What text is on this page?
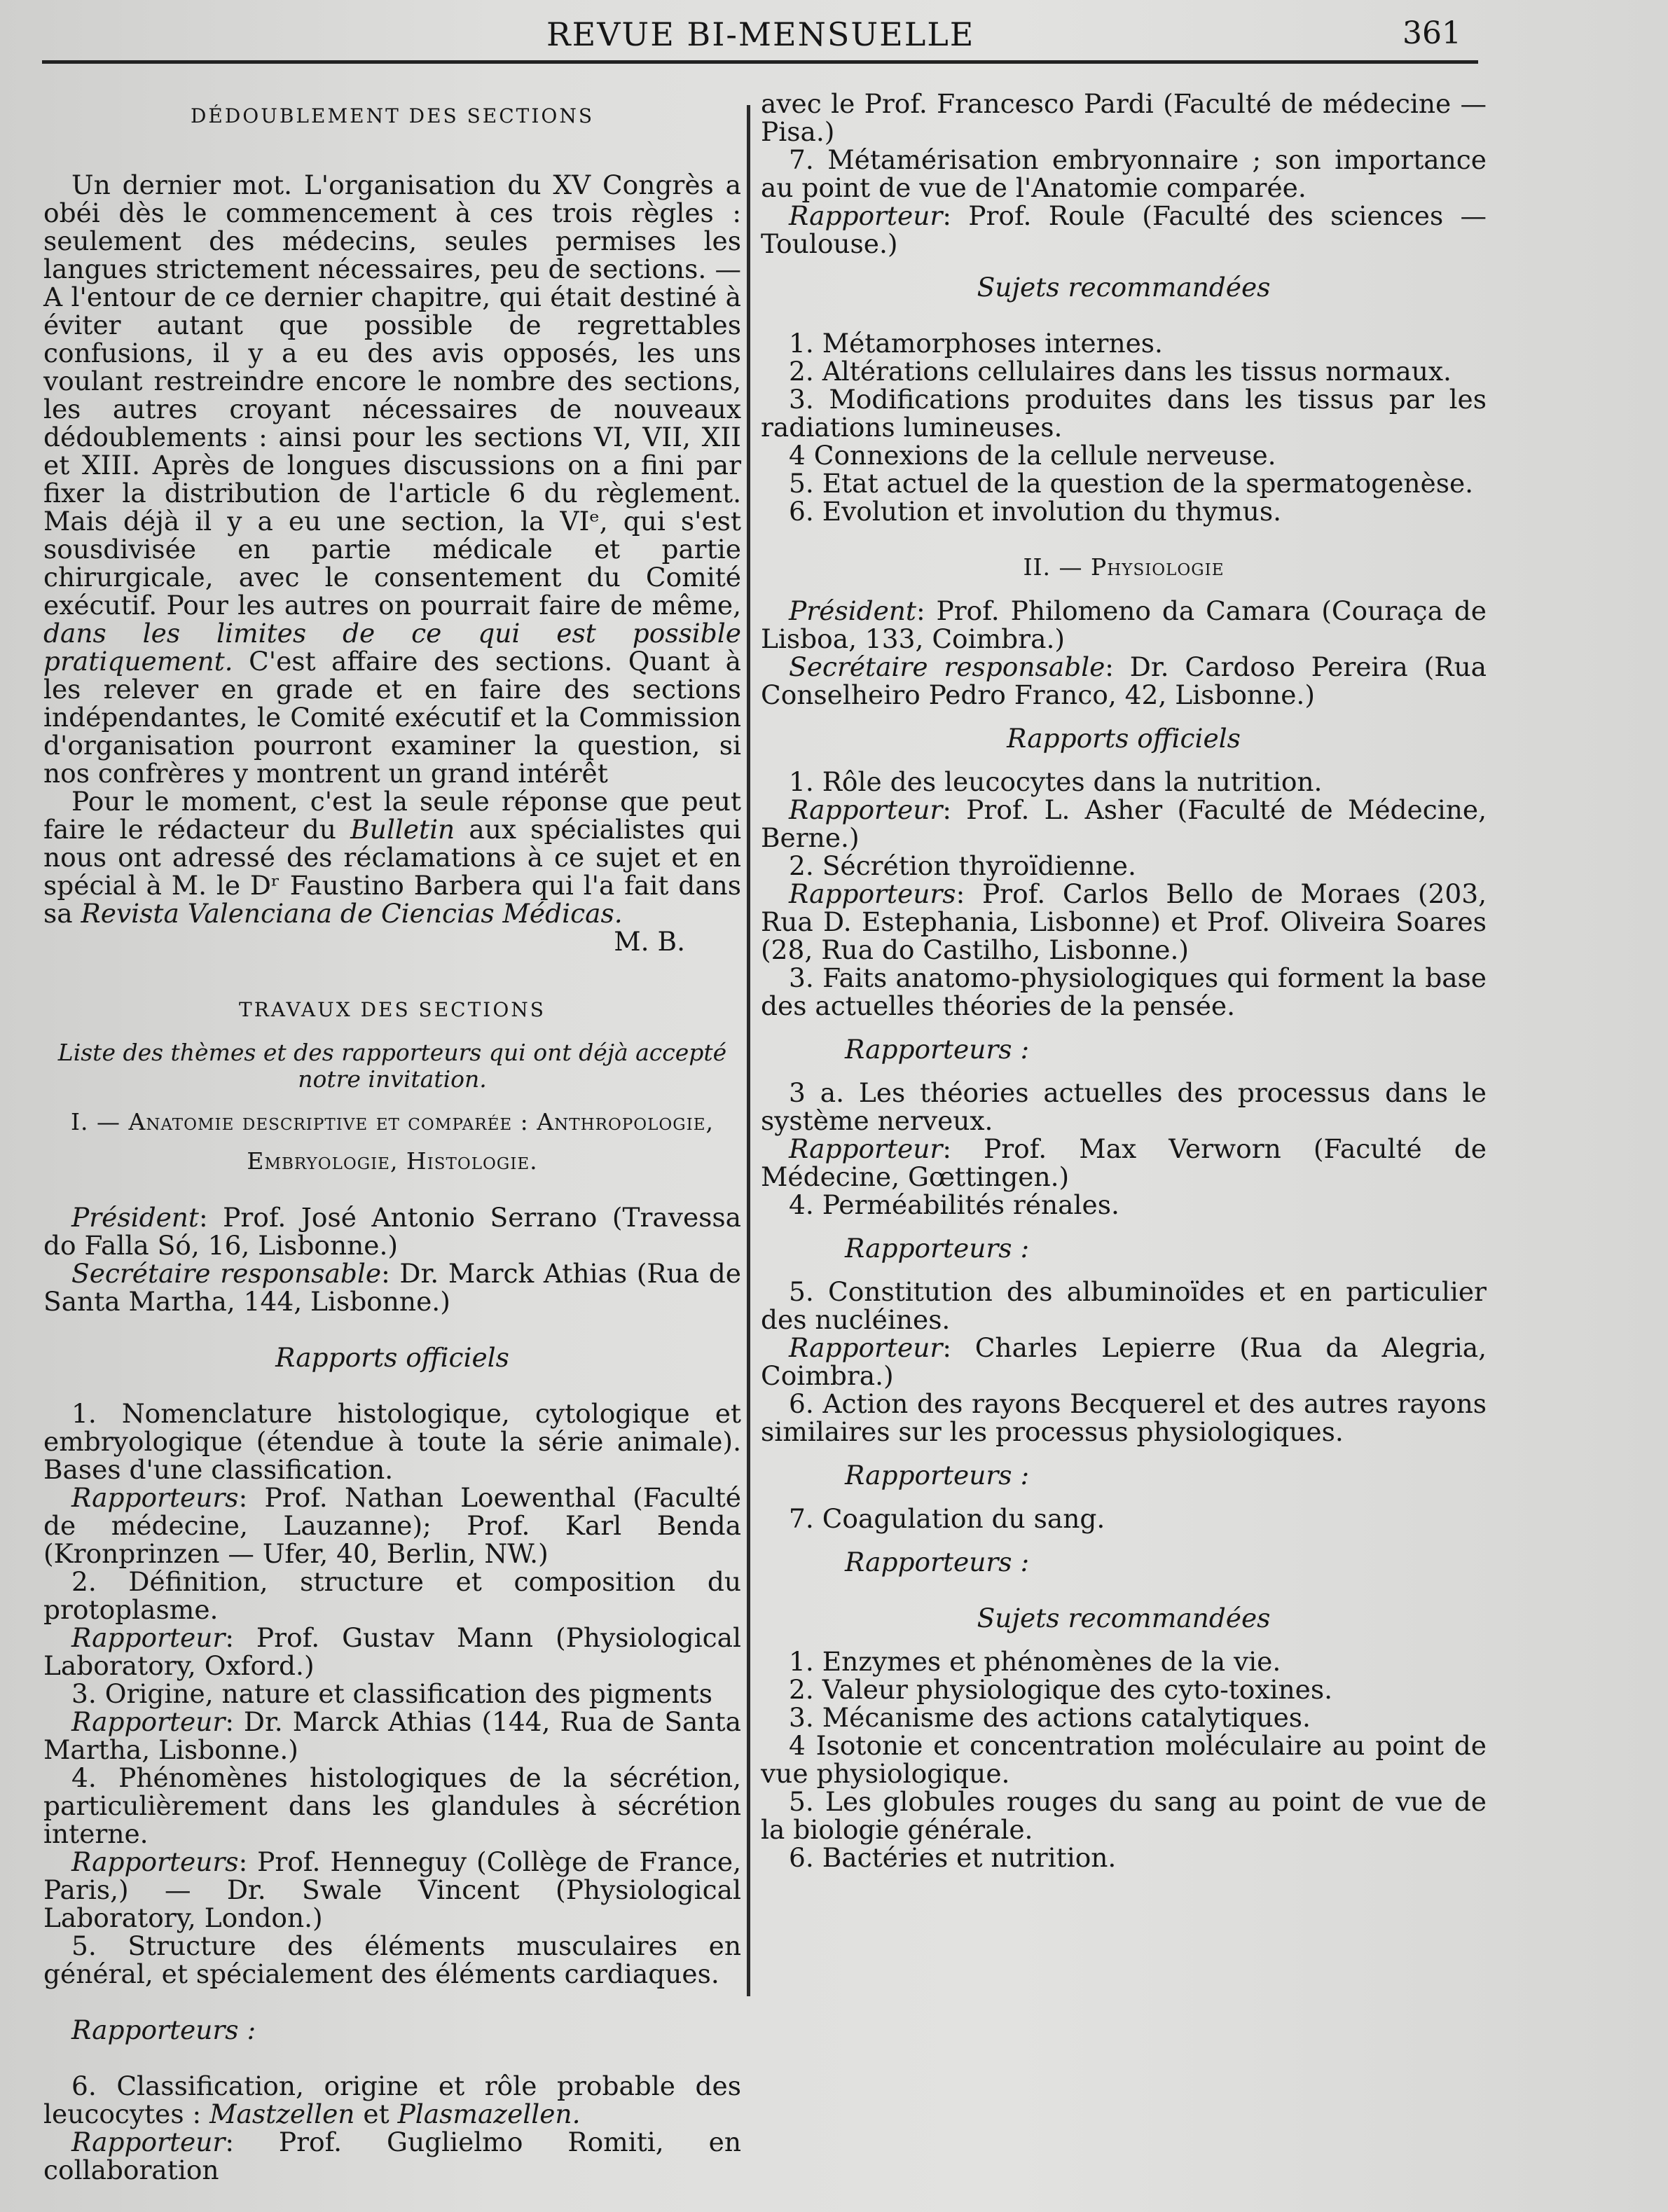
REVUE BI-MENSUELLE	361

DÉDOUBLEMENT DES SECTIONS

Un dernier mot. L'organisation du XV Congrès a obéi dès le commencement à ces trois règles : seulement des médecins, seules permises les langues strictement nécessaires, peu de sections. — A l'entour de ce dernier chapitre, qui était destiné à éviter autant que possible de regrettables confusions, il y a eu des avis opposés, les uns voulant restreindre encore le nombre des sections, les autres croyant nécessaires de nouveaux dédoublements : ainsi pour les sections VI, VII, XII et XIII. Après de longues discussions on a fini par fixer la distribution de l'article 6 du règlement. Mais déjà il y a eu une section, la VIᵉ, qui s'est sousdivisée en partie médicale et partie chirurgicale, avec le consentement du Comité exécutif. Pour les autres on pourrait faire de même, dans les limites de ce qui est possible pratiquement. C'est affaire des sections. Quant à les relever en grade et en faire des sections indépendantes, le Comité exécutif et la Commission d'organisation pourront examiner la question, si nos confrères y montrent un grand intérêt

Pour le moment, c'est la seule réponse que peut faire le rédacteur du Bulletin aux spécialistes qui nous ont adressé des réclamations à ce sujet et en spécial à M. le Dʳ Faustino Barbera qui l'a fait dans sa Revista Valenciana de Ciencias Médicas.

M. B.

TRAVAUX DES SECTIONS

Liste des thèmes et des rapporteurs qui ont déjà accepté notre invitation.

I. — Anatomie descriptive et comparée : Anthropologie,

Embryologie, Histologie.

Président: Prof. José Antonio Serrano (Travessa do Falla Só, 16, Lisbonne.)

Secrétaire responsable: Dr. Marck Athias (Rua de Santa Martha, 144, Lisbonne.)

Rapports officiels

1. Nomenclature histologique, cytologique et embryologique (étendue à toute la série animale). Bases d'une classification.

Rapporteurs: Prof. Nathan Loewenthal (Faculté de médecine, Lauzanne); Prof. Karl Benda (Kronprinzen — Ufer, 40, Berlin, NW.)

2. Définition, structure et composition du protoplasme.

Rapporteur: Prof. Gustav Mann (Physiological Laboratory, Oxford.)

3. Origine, nature et classification des pigments

Rapporteur: Dr. Marck Athias (144, Rua de Santa Martha, Lisbonne.)

4. Phénomènes histologiques de la sécrétion, particulièrement dans les glandules à sécrétion interne.

Rapporteurs: Prof. Henneguy (Collège de France, Paris,) — Dr. Swale Vincent (Physiological Laboratory, London.)

5. Structure des éléments musculaires en général, et spécialement des éléments cardiaques.

Rapporteurs :

6. Classification, origine et rôle probable des leucocytes : Mastzellen et Plasmazellen.

Rapporteur: Prof. Guglielmo Romiti, en collaboration

avec le Prof. Francesco Pardi (Faculté de médecine — Pisa.)

7. Métamérisation embryonnaire ; son importance au point de vue de l'Anatomie comparée.

Rapporteur: Prof. Roule (Faculté des sciences — Toulouse.)

Sujets recommandées

1. Métamorphoses internes.

2. Altérations cellulaires dans les tissus normaux.

3. Modifications produites dans les tissus par les radiations lumineuses.

4 Connexions de la cellule nerveuse.

5. Etat actuel de la question de la spermatogenèse.

6. Evolution et involution du thymus.

II. — Physiologie

Président: Prof. Philomeno da Camara (Couraça de Lisboa, 133, Coimbra.)

Secrétaire responsable: Dr. Cardoso Pereira (Rua Conselheiro Pedro Franco, 42, Lisbonne.)

Rapports officiels

1. Rôle des leucocytes dans la nutrition.

Rapporteur: Prof. L. Asher (Faculté de Médecine, Berne.)

2. Sécrétion thyroïdienne.

Rapporteurs: Prof. Carlos Bello de Moraes (203, Rua D. Estephania, Lisbonne) et Prof. Oliveira Soares (28, Rua do Castilho, Lisbonne.)

3. Faits anatomo-physiologiques qui forment la base des actuelles théories de la pensée.

Rapporteurs :

3 a. Les théories actuelles des processus dans le système nerveux.

Rapporteur: Prof. Max Verworn (Faculté de Médecine, Gœttingen.)

4. Perméabilités rénales.

Rapporteurs :

5. Constitution des albuminoïdes et en particulier des nucléines.

Rapporteur: Charles Lepierre (Rua da Alegria, Coimbra.)

6. Action des rayons Becquerel et des autres rayons similaires sur les processus physiologiques.

Rapporteurs :

7. Coagulation du sang.

Rapporteurs :

Sujets recommandées

1. Enzymes et phénomènes de la vie.

2. Valeur physiologique des cyto-toxines.

3. Mécanisme des actions catalytiques.

4 Isotonie et concentration moléculaire au point de vue physiologique.

5. Les globules rouges du sang au point de vue de la biologie générale.

6. Bactéries et nutrition.
